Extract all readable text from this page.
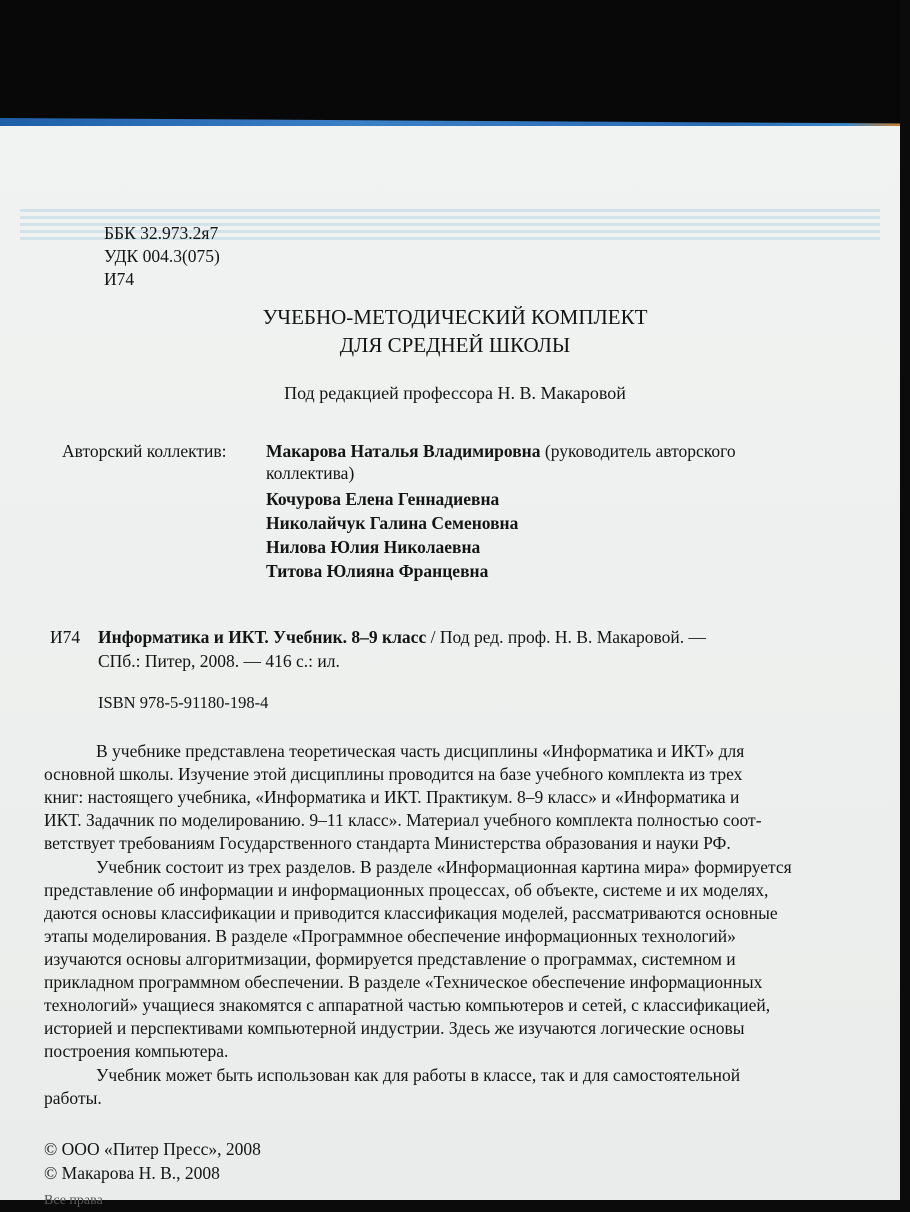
ББК 32.973.2я7
УДК 004.3(075)
И74
УЧЕБНО-МЕТОДИЧЕСКИЙ КОМПЛЕКТ
ДЛЯ СРЕДНЕЙ ШКОЛЫ
Под редакцией профессора Н. В. Макаровой
Авторский коллектив: Макарова Наталья Владимировна (руководитель авторского
коллектива)
Кочурова Елена Геннадиевна
Николайчук Галина Семеновна
Нилова Юлия Николаевна
Титова Юлияна Францевна
И74 Информатика и ИКТ. Учебник. 8–9 класс / Под ред. проф. Н. В. Макаровой. —
СПб.: Питер, 2008. — 416 с.: ил.
ISBN 978-5-91180-198-4
В учебнике представлена теоретическая часть дисциплины «Информатика и ИКТ» для
основной школы. Изучение этой дисциплины проводится на базе учебного комплекта из трех
книг: настоящего учебника, «Информатика и ИКТ. Практикум. 8–9 класс» и «Информатика и
ИКТ. Задачник по моделированию. 9–11 класс». Материал учебного комплекта полностью соот-
ветствует требованиям Государственного стандарта Министерства образования и науки РФ.
Учебник состоит из трех разделов. В разделе «Информационная картина мира» формируется
представление об информации и информационных процессах, об объекте, системе и их моделях,
даются основы классификации и приводится классификация моделей, рассматриваются основные
этапы моделирования. В разделе «Программное обеспечение информационных технологий»
изучаются основы алгоритмизации, формируется представление о программах, системном и
прикладном программном обеспечении. В разделе «Техническое обеспечение информационных
технологий» учащиеся знакомятся с аппаратной частью компьютеров и сетей, с классификацией,
историей и перспективами компьютерной индустрии. Здесь же изучаются логические основы
построения компьютера.
Учебник может быть использован как для работы в классе, так и для самостоятельной
работы.
© ООО «Питер Пресс», 2008
© Макарова Н. В., 2008
Все права
